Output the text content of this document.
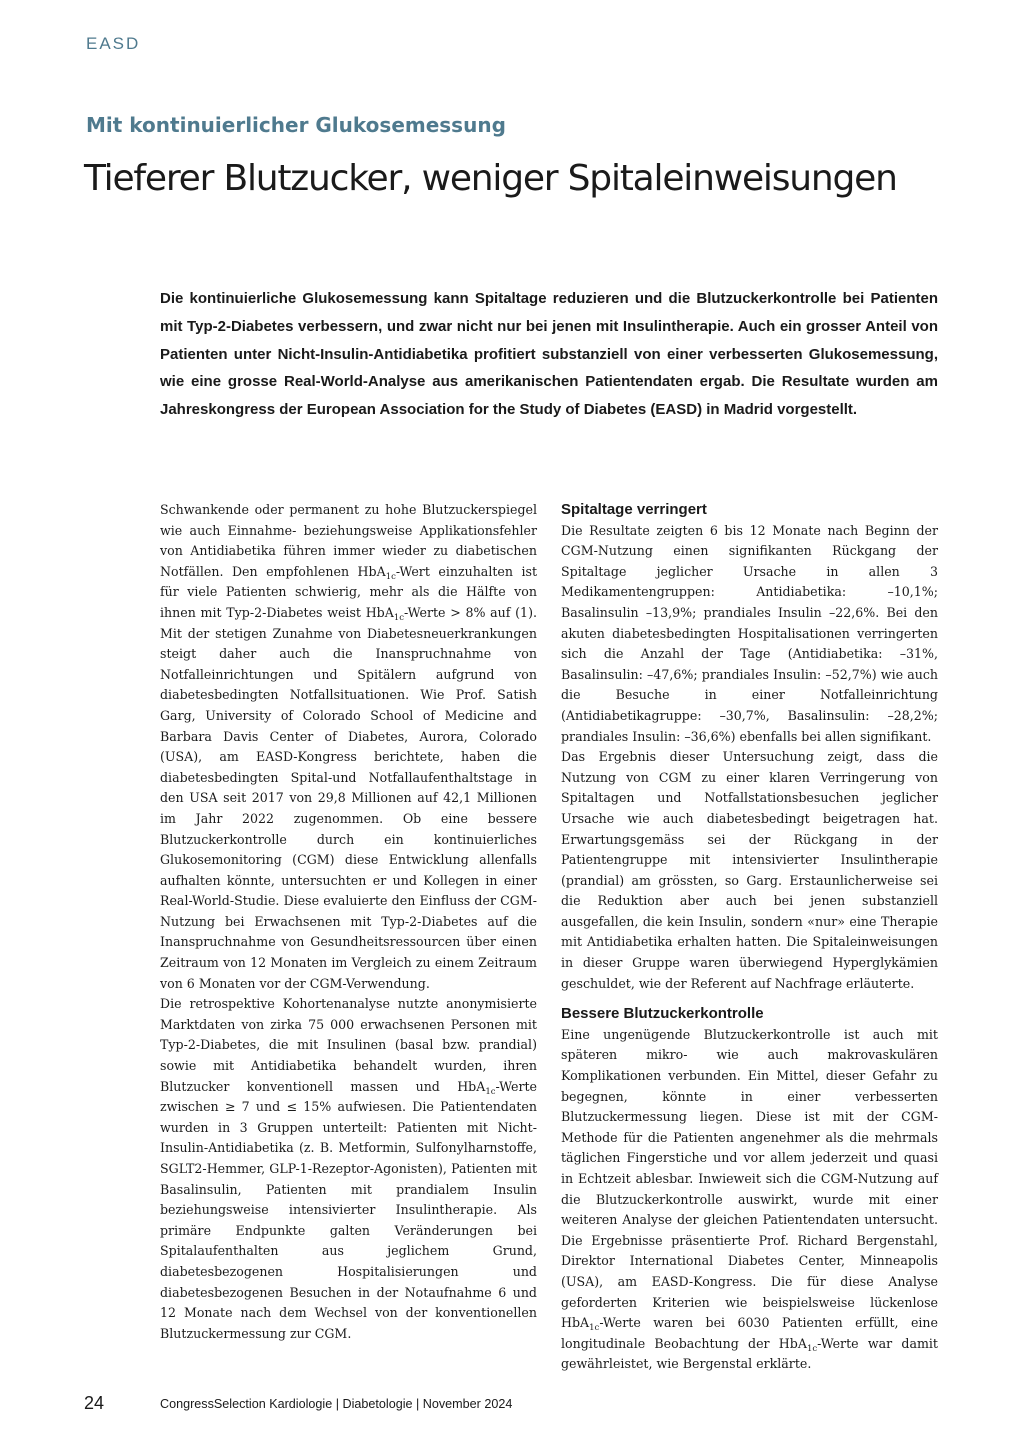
EASD
Mit kontinuierlicher Glukosemessung
Tieferer Blutzucker, weniger Spitaleinweisungen

Die kontinuierliche Glukosemessung kann Spitaltage reduzieren und die Blutzuckerkontrolle bei Patienten mit Typ-2-Diabetes verbessern, und zwar nicht nur bei jenen mit Insulintherapie. Auch ein grosser Anteil von Patienten unter Nicht-Insulin-Antidiabetika profitiert substanziell von einer verbesserten Glukosemessung, wie eine grosse Real-World-Analyse aus amerikanischen Patientendaten ergab. Die Resultate wurden am Jahreskongress der European Association for the Study of Diabetes (EASD) in Madrid vorgestellt.

Schwankende oder permanent zu hohe Blutzuckerspiegel wie auch Einnahme- beziehungsweise Applikationsfehler von Antidiabetika führen immer wieder zu diabetischen Notfällen. Den empfohlenen HbA$_{1c}$-Wert einzuhalten ist für viele Patienten schwierig, mehr als die Hälfte von ihnen mit Typ-2-Diabetes weist HbA$_{1c}$-Werte > 8% auf (1). Mit der stetigen Zunahme von Diabetesneuerkrankungen steigt daher auch die Inanspruchnahme von Notfalleinrichtungen und Spitälern aufgrund von diabetesbedingten Notfallsituationen. Wie Prof. Satish Garg, University of Colorado School of Medicine and Barbara Davis Center of Diabetes, Aurora, Colorado (USA), am EASD-Kongress berichtete, haben die diabetesbedingten Spital-und Notfallaufenthaltstage in den USA seit 2017 von 29,8 Millionen auf 42,1 Millionen im Jahr 2022 zugenommen. Ob eine bessere Blutzuckerkontrolle durch ein kontinuierliches Glukosemonitoring (CGM) diese Entwicklung allenfalls aufhalten könnte, untersuchten er und Kollegen in einer Real-World-Studie. Diese evaluierte den Einfluss der CGM-Nutzung bei Erwachsenen mit Typ-2-Diabetes auf die Inanspruchnahme von Gesundheitsressourcen über einen Zeitraum von 12 Monaten im Vergleich zu einem Zeitraum von 6 Monaten vor der CGM-Verwendung.

Die retrospektive Kohortenanalyse nutzte anonymisierte Marktdaten von zirka 75 000 erwachsenen Personen mit Typ-2-Diabetes, die mit Insulinen (basal bzw. prandial) sowie mit Antidiabetika behandelt wurden, ihren Blutzucker konventionell massen und HbA$_{1c}$-Werte zwischen ≥ 7 und ≤ 15% aufwiesen. Die Patientendaten wurden in 3 Gruppen unterteilt: Patienten mit Nicht-Insulin-Antidiabetika (z. B. Metformin, Sulfonylharnstoffe, SGLT2-Hemmer, GLP-1-Rezeptor-Agonisten), Patienten mit Basalinsulin, Patienten mit prandialem Insulin beziehungsweise intensivierter Insulintherapie. Als primäre Endpunkte galten Veränderungen bei Spitalaufenthalten aus jeglichem Grund, diabetesbezogenen Hospitalisierungen und diabetesbezogenen Besuchen in der Notaufnahme 6 und 12 Monate nach dem Wechsel von der konventionellen Blutzuckermessung zur CGM.

Spitaltage verringert

Die Resultate zeigten 6 bis 12 Monate nach Beginn der CGM-Nutzung einen signifikanten Rückgang der Spitaltage jeglicher Ursache in allen 3 Medikamentengruppen: Antidiabetika: –10,1%; Basalinsulin –13,9%; prandiales Insulin –22,6%. Bei den akuten diabetesbedingten Hospitalisationen verringerten sich die Anzahl der Tage (Antidiabetika: –31%, Basalinsulin: –47,6%; prandiales Insulin: –52,7%) wie auch die Besuche in einer Notfalleinrichtung (Antidiabetikagruppe: –30,7%, Basalinsulin: –28,2%; prandiales Insulin: –36,6%) ebenfalls bei allen signifikant.

Das Ergebnis dieser Untersuchung zeigt, dass die Nutzung von CGM zu einer klaren Verringerung von Spitaltagen und Notfallstationsbesuchen jeglicher Ursache wie auch diabetesbedingt beigetragen hat. Erwartungsgemäss sei der Rückgang in der Patientengruppe mit intensivierter Insulintherapie (prandial) am grössten, so Garg. Erstaunlicherweise sei die Reduktion aber auch bei jenen substanziell ausgefallen, die kein Insulin, sondern «nur» eine Therapie mit Antidiabetika erhalten hatten. Die Spitaleinweisungen in dieser Gruppe waren überwiegend Hyperglykämien geschuldet, wie der Referent auf Nachfrage erläuterte.

Bessere Blutzuckerkontrolle

Eine ungenügende Blutzuckerkontrolle ist auch mit späteren mikro- wie auch makrovaskulären Komplikationen verbunden. Ein Mittel, dieser Gefahr zu begegnen, könnte in einer verbesserten Blutzuckermessung liegen. Diese ist mit der CGM-Methode für die Patienten angenehmer als die mehrmals täglichen Fingerstiche und vor allem jederzeit und quasi in Echtzeit ablesbar. Inwieweit sich die CGM-Nutzung auf die Blutzuckerkontrolle auswirkt, wurde mit einer weiteren Analyse der gleichen Patientendaten untersucht. Die Ergebnisse präsentierte Prof. Richard Bergenstahl, Direktor International Diabetes Center, Minneapolis (USA), am EASD-Kongress. Die für diese Analyse geforderten Kriterien wie beispielsweise lückenlose HbA$_{1c}$-Werte waren bei 6030 Patienten erfüllt, eine longitudinale Beobachtung der HbA$_{1c}$-Werte war damit gewährleistet, wie Bergenstal erklärte.

24	CongressSelection Kardiologie | Diabetologie | November 2024
